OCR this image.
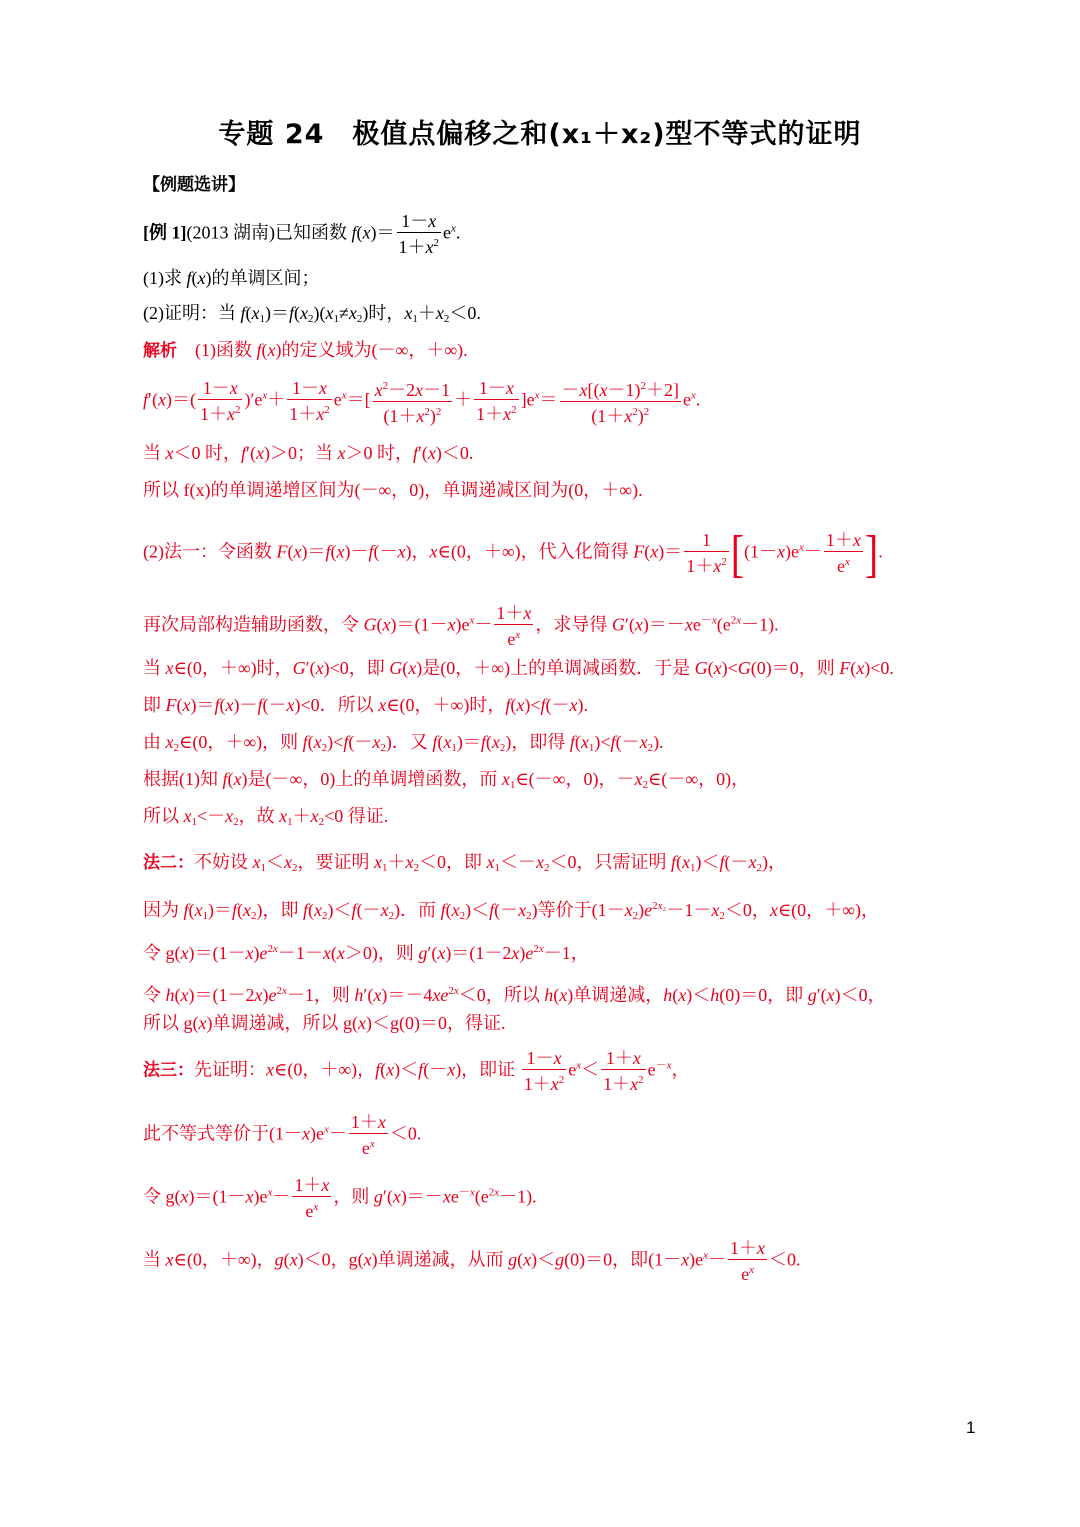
专题 24　极值点偏移之和(x₁＋x₂)型不等式的证明
【例题选讲】
[例 1](2013 湖南)已知函数 $f(x)= \frac{1-x}{1+x^2} e^x$.
(1)求 f(x)的单调区间；
(2)证明：当 $f(x_1)=f(x_2)(x_1\ne x_2)$时，$x_1+x_2<0$.
解析　(1)函数 f(x)的定义域为(－∞，＋∞).
$f'(x)=( \frac{1-x}{1+x^2} )'e^x+ \frac{1-x}{1+x^2} e^x=[ \frac{x^2-2x-1}{(1+x^2)^2} + \frac{1-x}{1+x^2} ]e^x= \frac{-x[(x-1)^2+2]}{(1+x^2)^2} e^x$.
当 x＜0 时，f′(x)＞0；当 x＞0 时，f′(x)＜0.
所以 f(x)的单调递增区间为(－∞，0)，单调递减区间为(0，＋∞).
(2)法一：令函数 F(x)＝f(x)－f(－x)，x∈(0，＋∞)，代入化简得 $F(x)= \frac{1}{1+x^2} [(1-x)e^x- \frac{1+x}{e^x}$ ].
再次局部构造辅助函数，令 $G(x)=(1-x)e^x- \frac{1+x}{e^x}$ ，求导得 $G'(x)=-xe^{-x}(e^{2x}-1)$.
当 x∈(0，＋∞)时，G′(x)<0，即 G(x)是(0，＋∞)上的单调减函数．于是 G(x)<G(0)＝0，则 F(x)<0.
即 F(x)＝f(x)－f(－x)<0．所以 x∈(0，＋∞)时，f(x)<f(－x).
由 $x_2\in(0$，＋∞)，则 $f(x_2)<f(-x_2)$．又 $f(x_1)=f(x_2)$，即得 $f(x_1)<f(-x_2)$.
根据(1)知 f(x)是(－∞，0)上的单调增函数，而 $x_1\in(-\infty$，0)，$-x_2\in(-\infty$，0)，
所以 $x_1<-x_2$，故 $x_1+x_2<0$ 得证.
法二：不妨设 $x_1<x_2$，要证明 $x_1+x_2<0$，即 $x_1<-x_2<0$，只需证明 $f(x_1)<f(-x_2)$，
因为 $f(x_1)=f(x_2)$，即 $f(x_2)<f(-x_2)$．而 $f(x_2)<f(-x_2)$等价于$(1-x_2)e^{2x_2}-1-x_2<0$，x∈(0，＋∞)，
令 $g(x)=(1-x)e^{2x}-1-x(x>0)$，则 $g'(x)=(1-2x)e^{2x}-1$，
令 $h(x)=(1-2x)e^{2x}-1$，则 $h'(x)=-4xe^{2x}<0$，所以 h(x)单调递减，h(x)＜h(0)＝0，即 g′(x)＜0，
所以 g(x)单调递减，所以 g(x)＜g(0)＝0，得证.
法三：先证明：x∈(0，＋∞)，f(x)＜f(－x)，即证 $\frac{1-x}{1+x^2} e^x< \frac{1+x}{1+x^2} e^{-x}$，
此不等式等价于$(1-x)e^x- \frac{1+x}{e^x} <0$.
令 $g(x)=(1-x)e^x- \frac{1+x}{e^x}$ ，则 $g'(x)=-xe^{-x}(e^{2x}-1)$.
当 x∈(0，＋∞)，g(x)＜0，g(x)单调递减，从而 g(x)＜g(0)＝0，即$(1-x)e^x- \frac{1+x}{e^x} <0$.
1
